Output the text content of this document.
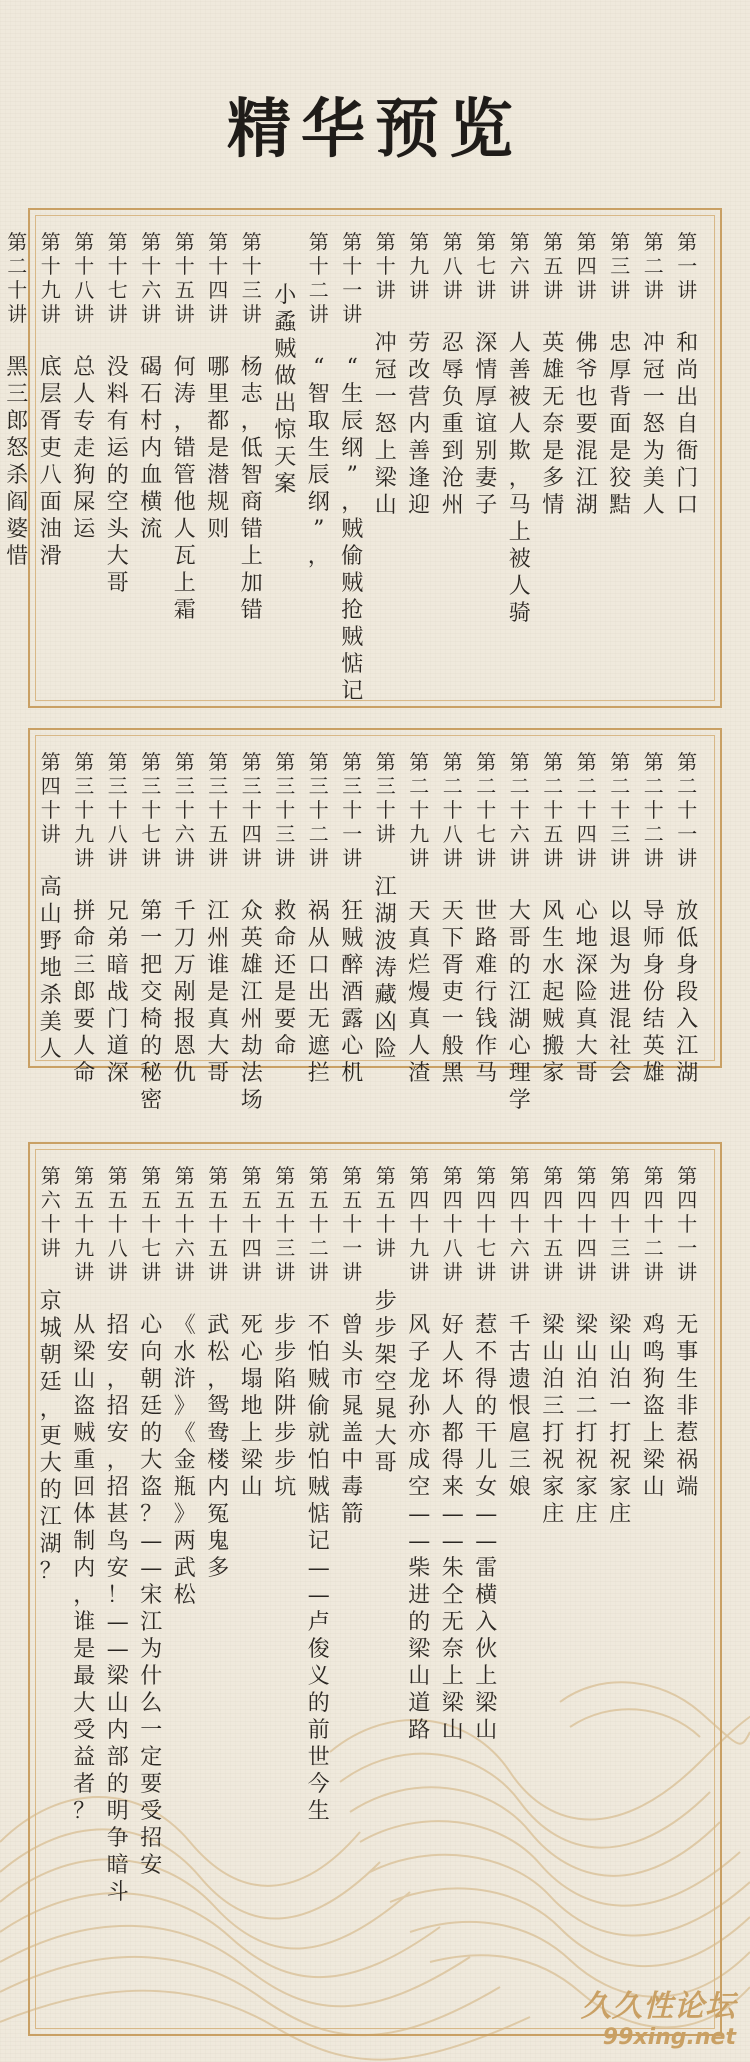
精华预览
第
一
讲
和
尚
出
自
衙
门
口
第
二
讲
冲
冠
一
怒
为
美
人
第
三
讲
忠
厚
背
面
是
狡
黠
第
四
讲
佛
爷
也
要
混
江
湖
第
五
讲
英
雄
无
奈
是
多
情
第
六
讲
人
善
被
人
欺
，
马
上
被
人
骑
第
七
讲
深
情
厚
谊
别
妻
子
第
八
讲
忍
辱
负
重
到
沧
州
第
九
讲
劳
改
营
内
善
逢
迎
第
十
讲
冲
冠
一
怒
上
梁
山
第
十
一
讲
“
生
辰
纲
”
，
贼
偷
贼
抢
贼
惦
记
第
十
二
讲
“
智
取
生
辰
纲
”
，
小
蟊
贼
做
出
惊
天
案
第
十
三
讲
杨
志
，
低
智
商
错
上
加
错
第
十
四
讲
哪
里
都
是
潜
规
则
第
十
五
讲
何
涛
，
错
管
他
人
瓦
上
霜
第
十
六
讲
碣
石
村
内
血
横
流
第
十
七
讲
没
料
有
运
的
空
头
大
哥
第
十
八
讲
总
人
专
走
狗
屎
运
第
十
九
讲
底
层
胥
吏
八
面
油
滑
第
二
十
讲
黑
三
郎
怒
杀
阎
婆
惜
第
二
十
一
讲
放
低
身
段
入
江
湖
第
二
十
二
讲
导
师
身
份
结
英
雄
第
二
十
三
讲
以
退
为
进
混
社
会
第
二
十
四
讲
心
地
深
险
真
大
哥
第
二
十
五
讲
风
生
水
起
贼
搬
家
第
二
十
六
讲
大
哥
的
江
湖
心
理
学
第
二
十
七
讲
世
路
难
行
钱
作
马
第
二
十
八
讲
天
下
胥
吏
一
般
黑
第
二
十
九
讲
天
真
烂
熳
真
人
渣
第
三
十
讲
江
湖
波
涛
藏
凶
险
第
三
十
一
讲
狂
贼
醉
酒
露
心
机
第
三
十
二
讲
祸
从
口
出
无
遮
拦
第
三
十
三
讲
救
命
还
是
要
命
第
三
十
四
讲
众
英
雄
江
州
劫
法
场
第
三
十
五
讲
江
州
谁
是
真
大
哥
第
三
十
六
讲
千
刀
万
剐
报
恩
仇
第
三
十
七
讲
第
一
把
交
椅
的
秘
密
第
三
十
八
讲
兄
弟
暗
战
门
道
深
第
三
十
九
讲
拼
命
三
郎
要
人
命
第
四
十
讲
高
山
野
地
杀
美
人
第
四
十
一
讲
无
事
生
非
惹
祸
端
第
四
十
二
讲
鸡
鸣
狗
盗
上
梁
山
第
四
十
三
讲
梁
山
泊
一
打
祝
家
庄
第
四
十
四
讲
梁
山
泊
二
打
祝
家
庄
第
四
十
五
讲
梁
山
泊
三
打
祝
家
庄
第
四
十
六
讲
千
古
遗
恨
扈
三
娘
第
四
十
七
讲
惹
不
得
的
干
儿
女
—
—
雷
横
入
伙
上
梁
山
第
四
十
八
讲
好
人
坏
人
都
得
来
—
—
朱
仝
无
奈
上
梁
山
第
四
十
九
讲
风
子
龙
孙
亦
成
空
—
—
柴
进
的
梁
山
道
路
第
五
十
讲
步
步
架
空
晁
大
哥
第
五
十
一
讲
曾
头
市
晁
盖
中
毒
箭
第
五
十
二
讲
不
怕
贼
偷
就
怕
贼
惦
记
—
—
卢
俊
义
的
前
世
今
生
第
五
十
三
讲
步
步
陷
阱
步
步
坑
第
五
十
四
讲
死
心
塌
地
上
梁
山
第
五
十
五
讲
武
松
，
鸳
鸯
楼
内
冤
鬼
多
第
五
十
六
讲
《
水
浒
》
《
金
瓶
》
两
武
松
第
五
十
七
讲
心
向
朝
廷
的
大
盗
？
—
—
宋
江
为
什
么
一
定
要
受
招
安
第
五
十
八
讲
招
安
，
招
安
，
招
甚
鸟
安
！
—
—
梁
山
内
部
的
明
争
暗
斗
第
五
十
九
讲
从
梁
山
盗
贼
重
回
体
制
内
，
谁
是
最
大
受
益
者
？
第
六
十
讲
京
城
朝
廷
，
更
大
的
江
湖
？
久久性论坛
99xing.net
